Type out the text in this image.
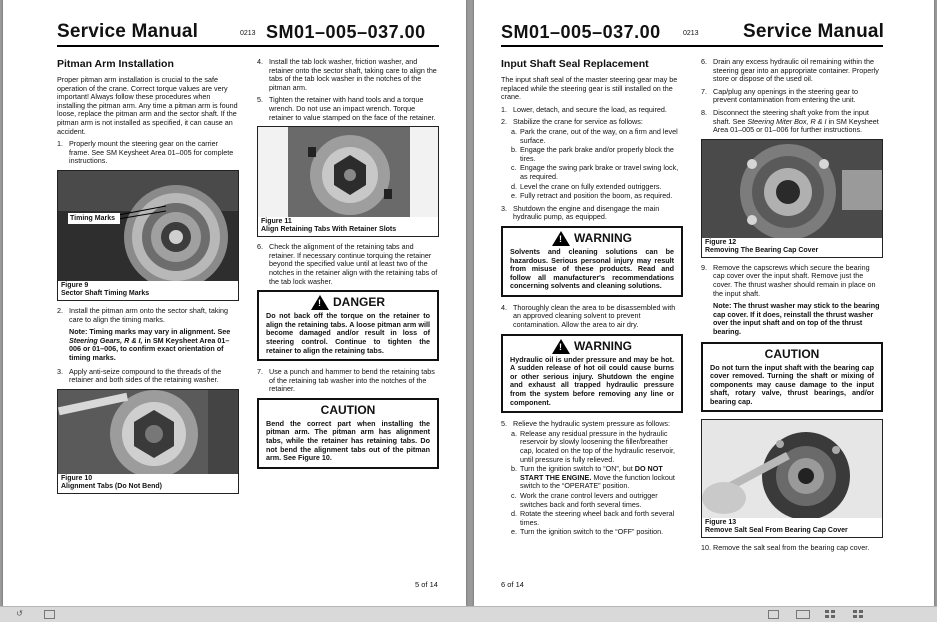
Service Manual	0213 SM01–005–037.00
Pitman Arm Installation

Proper pitman arm installation is crucial to the safe operation of the crane. Correct torque values are very important! Always follow these procedures when installing the pitman arm. Any time a pitman arm is found loose, replace the pitman arm and the sector shaft. If the pitman arm is not installed as specified, it can cause an accident.

1. Properly mount the steering gear on the carrier frame. See SM Keysheet Area 01–005 for complete instructions.
Timing Marks
Figure 9
Sector Shaft Timing Marks
2. Install the pitman arm onto the sector shaft, taking care to align the timing marks.
Note: Timing marks may vary in alignment. See Steering Gears, R & I, in SM Keysheet Area 01–006 or 01–006, to confirm exact orientation of timing marks.
3. Apply anti-seize compound to the threads of the retainer and both sides of the retaining washer.
Figure 10
Alignment Tabs (Do Not Bend)
4. Install the tab lock washer, friction washer, and retainer onto the sector shaft, taking care to align the tabs of the tab lock washer in the notches of the pitman arm.
5. Tighten the retainer with hand tools and a torque wrench. Do not use an impact wrench. Torque retainer to value stamped on the face of the retainer.
Figure 11
Align Retaining Tabs With Retainer Slots
6. Check the alignment of the retaining tabs and retainer. If necessary continue torquing the retainer beyond the specified value until at least two of the notches in the retainer align with the retaining tabs of the tab lock washer.
!
DANGER
Do not back off the torque on the retainer to align the retaining tabs. A loose pitman arm will become damaged and/or result in loss of steering control. Continue to tighten the retainer to align the retaining tabs.
7. Use a punch and hammer to bend the retaining tabs of the retaining tab washer into the notches of the retainer.
CAUTION
Bend the correct part when installing the pitman arm. The pitman arm has alignment tabs, while the retainer has retaining tabs. Do not bend the alignment tabs out of the pitman arm. See Figure 10.
5 of 14
SM01–005–037.00	0213 Service Manual
Input Shaft Seal Replacement

The input shaft seal of the master steering gear may be replaced while the steering gear is still installed on the crane.

1. Lower, detach, and secure the load, as required.
2. Stabilize the crane for service as follows:
a. Park the crane, out of the way, on a firm and level surface.
b. Engage the park brake and/or properly block the tires.
c. Engage the swing park brake or travel swing lock, as required.
d. Level the crane on fully extended outriggers.
e. Fully retract and position the boom, as required.
3. Shutdown the engine and disengage the main hydraulic pump, as equipped.
!
WARNING
Solvents and cleaning solutions can be hazardous. Serious personal injury may result from misuse of these products. Read and follow all manufacturer's recommendations concerning solvents and cleaning solutions.
4. Thoroughly clean the area to be disassembled with an approved cleaning solvent to prevent contamination. Allow the area to air dry.
!
WARNING
Hydraulic oil is under pressure and may be hot. A sudden release of hot oil could cause burns or other serious injury. Shutdown the engine and exhaust all trapped hydraulic pressure from the system before removing any line or component.
5. Relieve the hydraulic system pressure as follows:
a. Release any residual pressure in the hydraulic reservoir by slowly loosening the filler/breather cap, located on the top of the hydraulic reservoir, until pressure is fully relieved.
b. Turn the ignition switch to “ON”, but DO NOT START THE ENGINE. Move the function lockout switch to the “OPERATE” position.
c. Work the crane control levers and outrigger switches back and forth several times.
d. Rotate the steering wheel back and forth several times.
e. Turn the ignition switch to the “OFF” position.
6. Drain any excess hydraulic oil remaining within the steering gear into an appropriate container. Properly store or dispose of the used oil.
7. Cap/plug any openings in the steering gear to prevent contamination from entering the unit.
8. Disconnect the steering shaft yoke from the input shaft. See Steering Miter Box, R & I in SM Keysheet Area 01–005 or 01–006 for further instructions.
Figure 12
Removing The Bearing Cap Cover
9. Remove the capscrews which secure the bearing cap cover over the input shaft. Remove just the cover. The thrust washer should remain in place on the input shaft.
Note: The thrust washer may stick to the bearing cap cover. If it does, reinstall the thrust washer over the input shaft and on top of the thrust bearing.
CAUTION
Do not turn the input shaft with the bearing cap cover removed. Turning the shaft or mixing of components may cause damage to the input shaft, rotary valve, thrust bearings, and/or bearing cap.
Figure 13
Remove Salt Seal From Bearing Cap Cover
10. Remove the salt seal from the bearing cap cover.
6 of 14
↺
